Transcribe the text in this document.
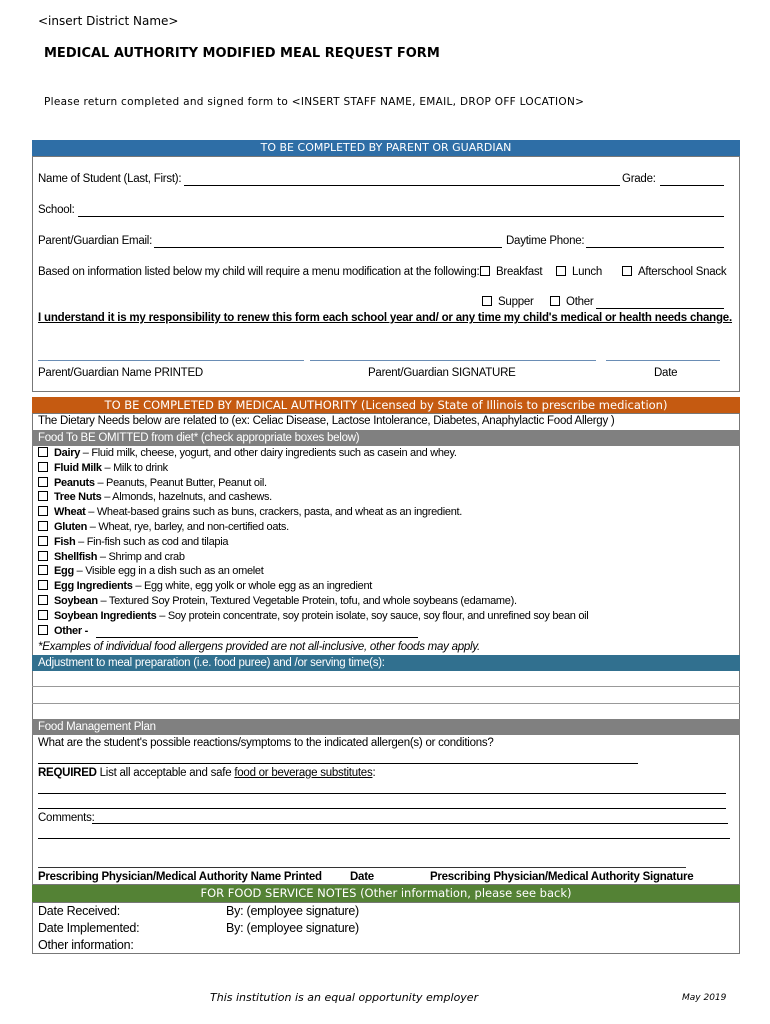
<insert District Name>
MEDICAL AUTHORITY MODIFIED MEAL REQUEST FORM
Please return completed and signed form to <INSERT STAFF NAME, EMAIL, DROP OFF LOCATION>
TO BE COMPLETED BY PARENT OR GUARDIAN
Name of Student (Last, First):	Grade:
School:
Parent/Guardian Email:	Daytime Phone:
Based on information listed below my child will require a menu modification at the following:	Breakfast	Lunch	Afterschool Snack
Supper	Other
I understand it is my responsibility to renew this form each school year and/ or any time my child's medical or health needs change.
Parent/Guardian Name PRINTED	Parent/Guardian SIGNATURE	Date
TO BE COMPLETED BY MEDICAL AUTHORITY (Licensed by State of Illinois to prescribe medication)
The Dietary Needs below are related to (ex: Celiac Disease, Lactose Intolerance, Diabetes, Anaphylactic Food Allergy )
Food To BE OMITTED from diet* (check appropriate boxes below)
Dairy – Fluid milk, cheese, yogurt, and other dairy ingredients such as casein and whey.
Fluid Milk – Milk to drink
Peanuts – Peanuts, Peanut Butter, Peanut oil.
Tree Nuts – Almonds, hazelnuts, and cashews.
Wheat – Wheat-based grains such as buns, crackers, pasta, and wheat as an ingredient.
Gluten – Wheat, rye, barley, and non-certified oats.
Fish – Fin-fish such as cod and tilapia
Shellfish – Shrimp and crab
Egg – Visible egg in a dish such as an omelet
Egg Ingredients – Egg white, egg yolk or whole egg as an ingredient
Soybean – Textured Soy Protein, Textured Vegetable Protein, tofu, and whole soybeans (edamame).
Soybean Ingredients – Soy protein concentrate, soy protein isolate, soy sauce, soy flour, and unrefined soy bean oil
Other -
*Examples of individual food allergens provided are not all-inclusive, other foods may apply.
Adjustment to meal preparation (i.e. food puree) and /or serving time(s):
Food Management Plan
What are the student's possible reactions/symptoms to the indicated allergen(s) or conditions?
REQUIRED List all acceptable and safe food or beverage substitutes:
Comments:
Prescribing Physician/Medical Authority Name Printed Date	Prescribing Physician/Medical Authority Signature
FOR FOOD SERVICE NOTES (Other information, please see back)
Date Received:	By: (employee signature)
Date Implemented:	By: (employee signature)
Other information:
This institution is an equal opportunity employer	May 2019
